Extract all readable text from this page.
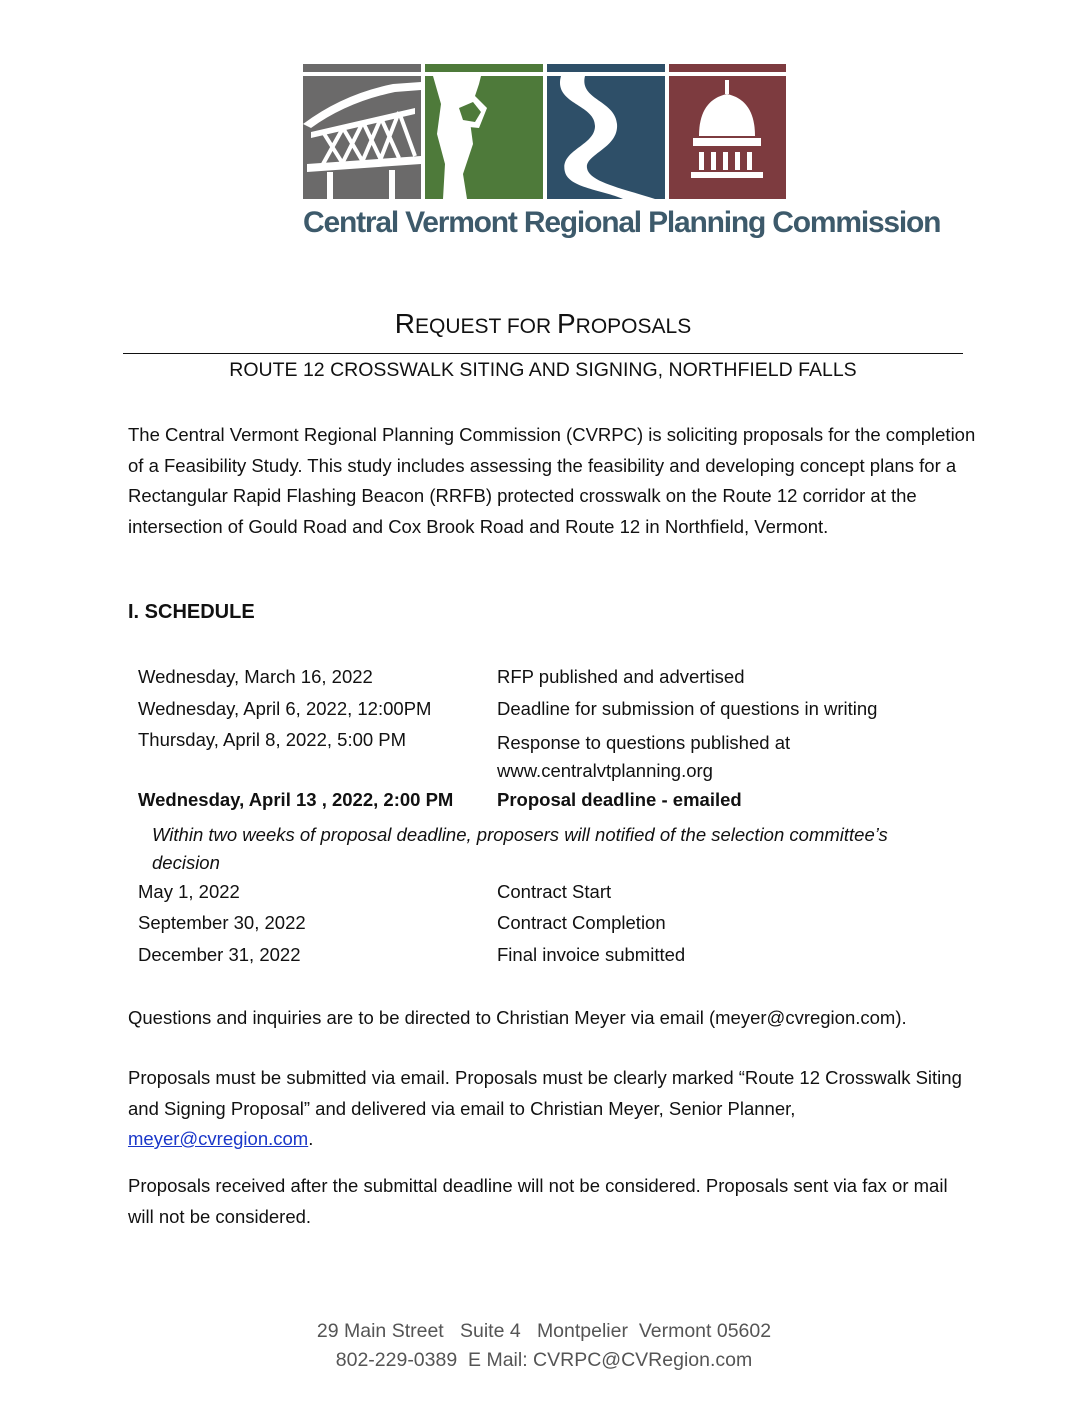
Central Vermont Regional Planning Commission
REQUEST FOR PROPOSALS
ROUTE 12 CROSSWALK SITING AND SIGNING, NORTHFIELD FALLS

The Central Vermont Regional Planning Commission (CVRPC) is soliciting proposals for the completion of a Feasibility Study. This study includes assessing the feasibility and developing concept plans for a Rectangular Rapid Flashing Beacon (RRFB) protected crosswalk on the Route 12 corridor at the intersection of Gould Road and Cox Brook Road and Route 12 in Northfield, Vermont.

I. SCHEDULE
Wednesday, March 16, 2022	RFP published and advertised
Wednesday, April 6, 2022, 12:00PM	Deadline for submission of questions in writing
Thursday, April 8, 2022, 5:00 PM	Response to questions published at
www.centralvtplanning.org
Wednesday, April 13 , 2022, 2:00 PM	Proposal deadline - emailed
Within two weeks of proposal deadline, proposers will notified of the selection committee’s
decision
May 1, 2022	Contract Start
September 30, 2022	Contract Completion
December 31, 2022	Final invoice submitted

Questions and inquiries are to be directed to Christian Meyer via email (meyer@cvregion.com).

Proposals must be submitted via email. Proposals must be clearly marked “Route 12 Crosswalk Siting and Signing Proposal” and delivered via email to Christian Meyer, Senior Planner,
meyer@cvregion.com.

Proposals received after the submittal deadline will not be considered. Proposals sent via fax or mail will not be considered.

29 Main Street   Suite 4   Montpelier  Vermont 05602
802-229-0389  E Mail: CVRPC@CVRegion.com
